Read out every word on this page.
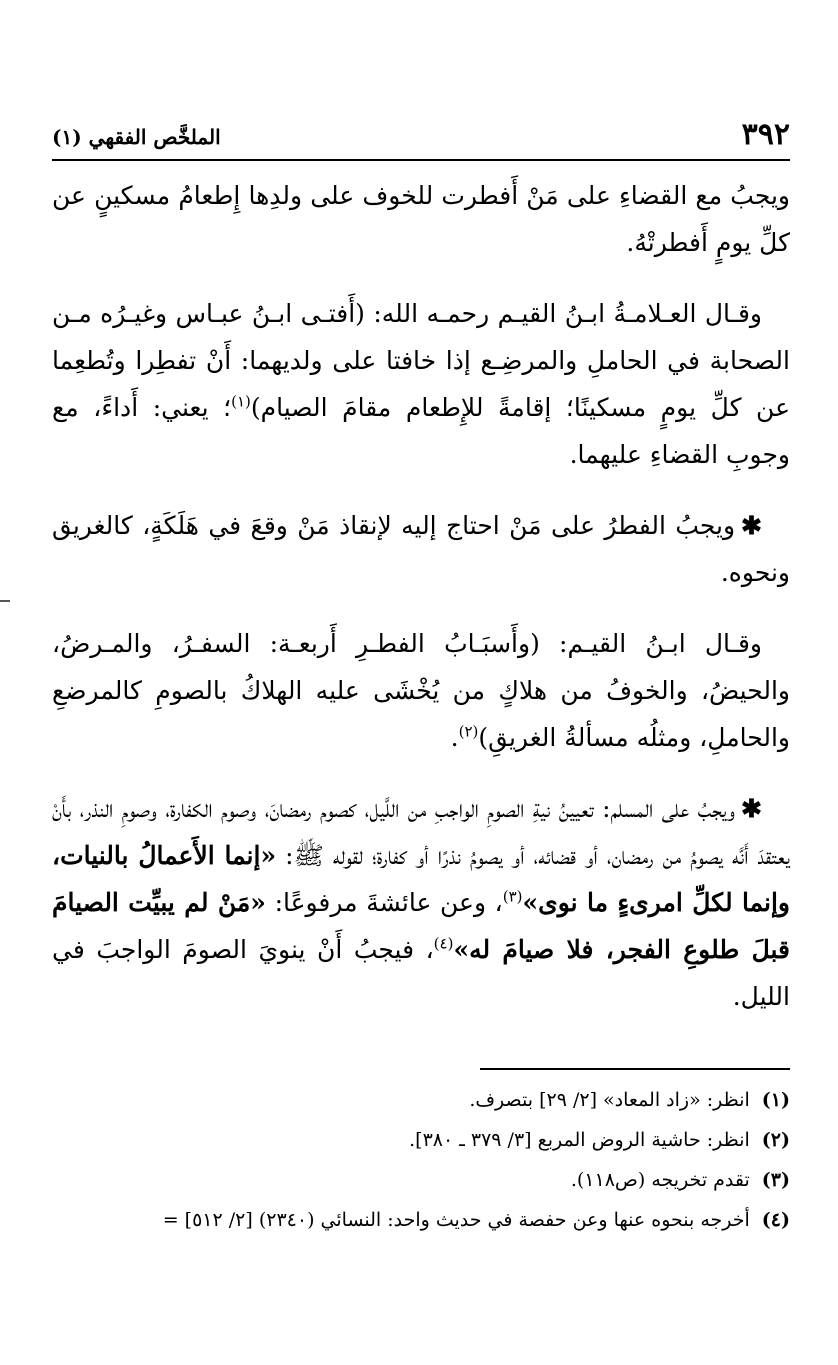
٣٩٢
الملخَّص الفقهي (١)

ويجبُ مع القضاءِ على مَنْ أَفطرت للخوف على ولدِها إِطعامُ مسكينٍ عن كلِّ يومٍ أَفطرتْهُ.

وقـال العـلامـةُ ابـنُ القيـم رحمـه الله: (أَفتـى ابـنُ عبـاس وغيـرُه مـن الصحابة في الحاملِ والمرضِـع إذا خافتا على ولديهما: أَنْ تفطِرا وتُطعِما عن كلِّ يومٍ مسكينًا؛ إقامةً للإِطعام مقامَ الصيام)$^{(١)}$؛ يعني: أَداءً، مع وجوبِ القضاءِ عليهما.

✱ويجبُ الفطرُ على مَنْ احتاج إليه لإنقاذ مَنْ وقعَ في هَلَكَةٍ، كالغريق ونحوه.

وقـال ابـنُ القيـم: (وأَسبَـابُ الفطـرِ أَربعـة: السفـرُ، والمـرضُ، والحيضُ، والخوفُ من هلاكٍ من يُخْشَى عليه الهلاكُ بالصومِ كالمرضعِ والحاملِ، ومثلُه مسألةُ الغريقِ)$^{(٢)}$.

✱ويجبُ على المسلم: تعيينُ نيةِ الصومِ الواجبِ من اللَّيل، كصوم رمضانَ، وصوم الكفارة، وصومِ النذر، بأَنْ يعتقدَ أَنَّه يصومُ من رمضان، أو قضائه، أو يصومُ نذرًا أو كفارة؛ لقوله ﷺ: «إنما الأَعمالُ بالنيات، وإنما لكلِّ امرىءٍ ما نوى»$^{(٣)}$، وعن عائشةَ مرفوعًا: «مَنْ لم يبيِّت الصيامَ قبلَ طلوعِ الفجر، فلا صيامَ له»$^{(٤)}$، فيجبُ أَنْ ينويَ الصومَ الواجبَ في الليل.

(١)انظر: «زاد المعاد» [٢/ ٢٩] بتصرف.
(٢)انظر: حاشية الروض المربع [٣/ ٣٧٩ ـ ٣٨٠].
(٣)تقدم تخريجه (ص١١٨).
(٤)أخرجه بنحوه عنها وعن حفصة في حديث واحد: النسائي (٢٣٤٠) [٢/ ٥١٢] =
